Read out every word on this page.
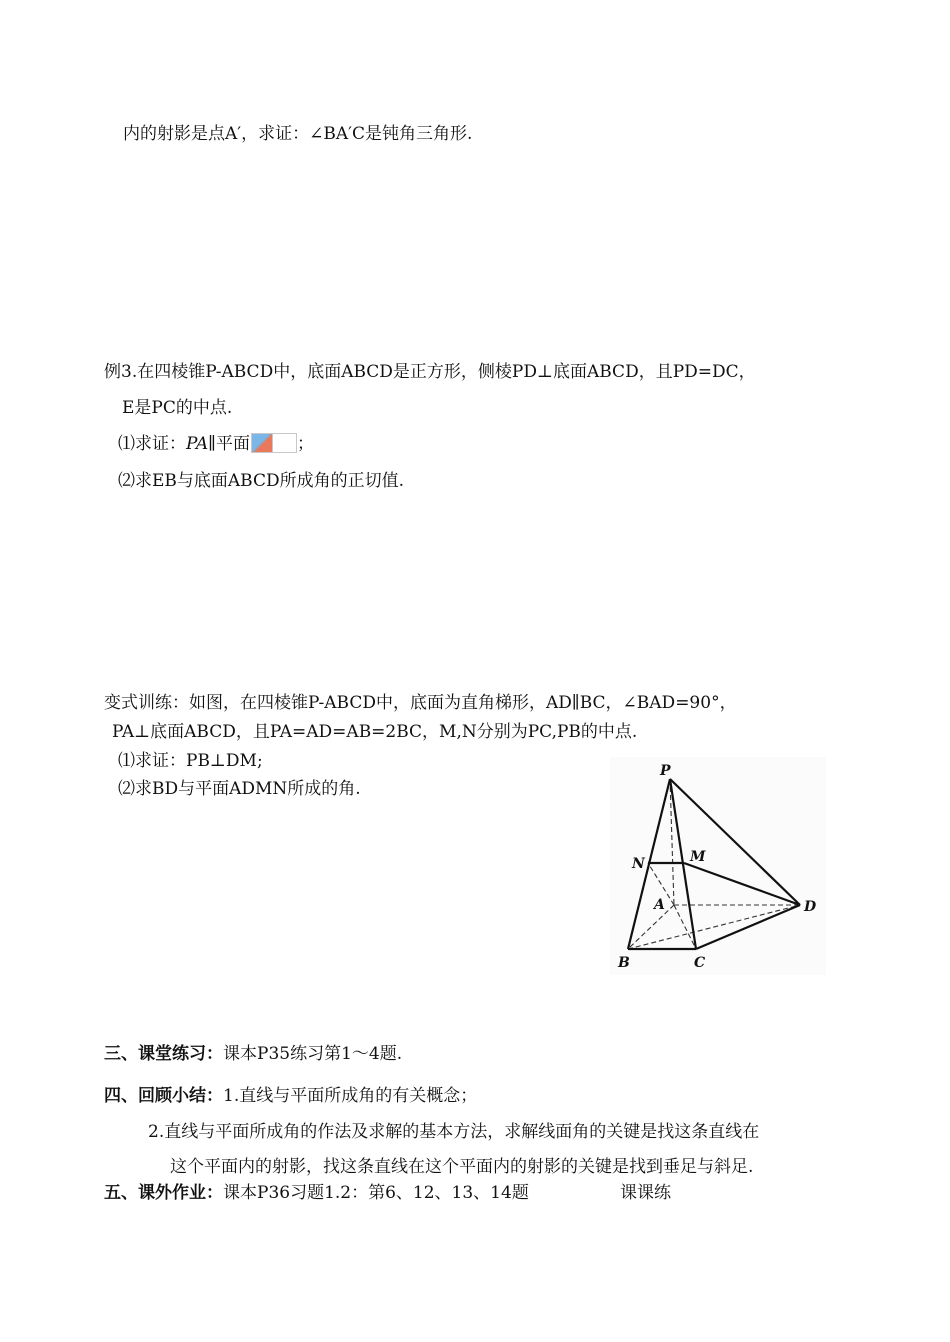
内的射影是点A′，求证：∠BA′C是钝角三角形.
例3.在四棱锥P-ABCD中，底面ABCD是正方形，侧棱PD⊥底面ABCD，且PD=DC，
E是PC的中点.
⑴求证：PA∥平面	；
⑵求EB与底面ABCD所成角的正切值.
变式训练：如图，在四棱锥P-ABCD中，底面为直角梯形，AD∥BC，∠BAD=90°，
PA⊥底面ABCD，且PA=AD=AB=2BC，M,N分别为PC,PB的中点.
⑴求证：PB⊥DM;
⑵求BD与平面ADMN所成的角.
P
M
N
A	D
B	C
三、课堂练习：课本P35练习第1～4题.
四、回顾小结：1.直线与平面所成角的有关概念；
2.直线与平面所成角的作法及求解的基本方法，求解线面角的关键是找这条直线在
这个平面内的射影，找这条直线在这个平面内的射影的关键是找到垂足与斜足.
五、课外作业：课本P36习题1.2：第6、12、13、14题	课课练
